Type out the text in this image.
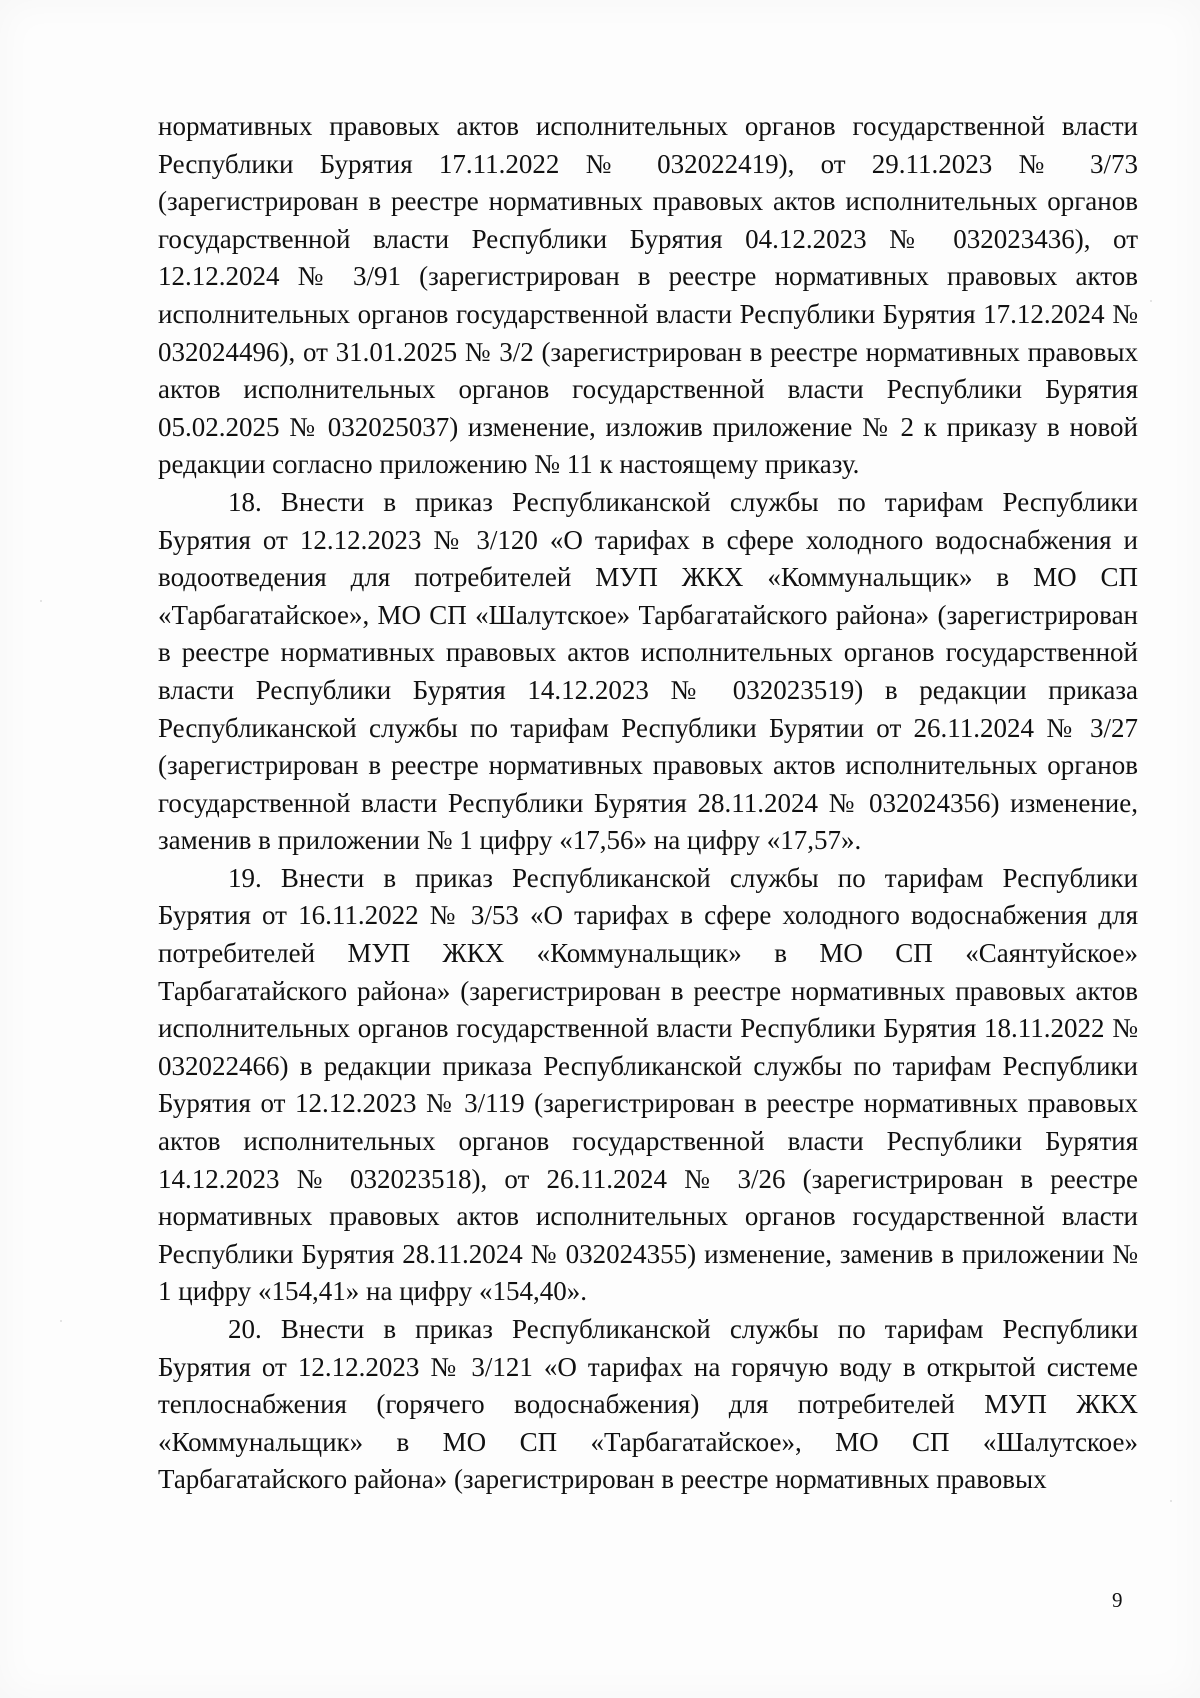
нормативных правовых актов исполнительных органов государственной власти Республики Бурятия 17.11.2022 № 032022419), от 29.11.2023 № 3/73 (зарегистрирован в реестре нормативных правовых актов исполнительных органов государственной власти Республики Бурятия 04.12.2023 № 032023436), от 12.12.2024 № 3/91 (зарегистрирован в реестре нормативных правовых актов исполнительных органов государственной власти Республики Бурятия 17.12.2024 № 032024496), от 31.01.2025 № 3/2 (зарегистрирован в реестре нормативных правовых актов исполнительных органов государственной власти Республики Бурятия 05.02.2025 № 032025037) изменение, изложив приложение № 2 к приказу в новой редакции согласно приложению № 11 к настоящему приказу.

18. Внести в приказ Республиканской службы по тарифам Республики Бурятия от 12.12.2023 № 3/120 «О тарифах в сфере холодного водоснабжения и водоотведения для потребителей МУП ЖКХ «Коммунальщик» в МО СП «Тарбагатайское», МО СП «Шалутское» Тарбагатайского района» (зарегистрирован в реестре нормативных правовых актов исполнительных органов государственной власти Республики Бурятия 14.12.2023 № 032023519) в редакции приказа Республиканской службы по тарифам Республики Бурятии от 26.11.2024 № 3/27 (зарегистрирован в реестре нормативных правовых актов исполнительных органов государственной власти Республики Бурятия 28.11.2024 № 032024356) изменение, заменив в приложении № 1 цифру «17,56» на цифру «17,57».

19. Внести в приказ Республиканской службы по тарифам Республики Бурятия от 16.11.2022 № 3/53 «О тарифах в сфере холодного водоснабжения для потребителей МУП ЖКХ «Коммунальщик» в МО СП «Саянтуйское» Тарбагатайского района» (зарегистрирован в реестре нормативных правовых актов исполнительных органов государственной власти Республики Бурятия 18.11.2022 № 032022466) в редакции приказа Республиканской службы по тарифам Республики Бурятия от 12.12.2023 № 3/119 (зарегистрирован в реестре нормативных правовых актов исполнительных органов государственной власти Республики Бурятия 14.12.2023 № 032023518), от 26.11.2024 № 3/26 (зарегистрирован в реестре нормативных правовых актов исполнительных органов государственной власти Республики Бурятия 28.11.2024 № 032024355) изменение, заменив в приложении № 1 цифру «154,41» на цифру «154,40».

20. Внести в приказ Республиканской службы по тарифам Республики Бурятия от 12.12.2023 № 3/121 «О тарифах на горячую воду в открытой системе теплоснабжения (горячего водоснабжения) для потребителей МУП ЖКХ «Коммунальщик» в МО СП «Тарбагатайское», МО СП «Шалутское» Тарбагатайского района» (зарегистрирован в реестре нормативных правовых

9
